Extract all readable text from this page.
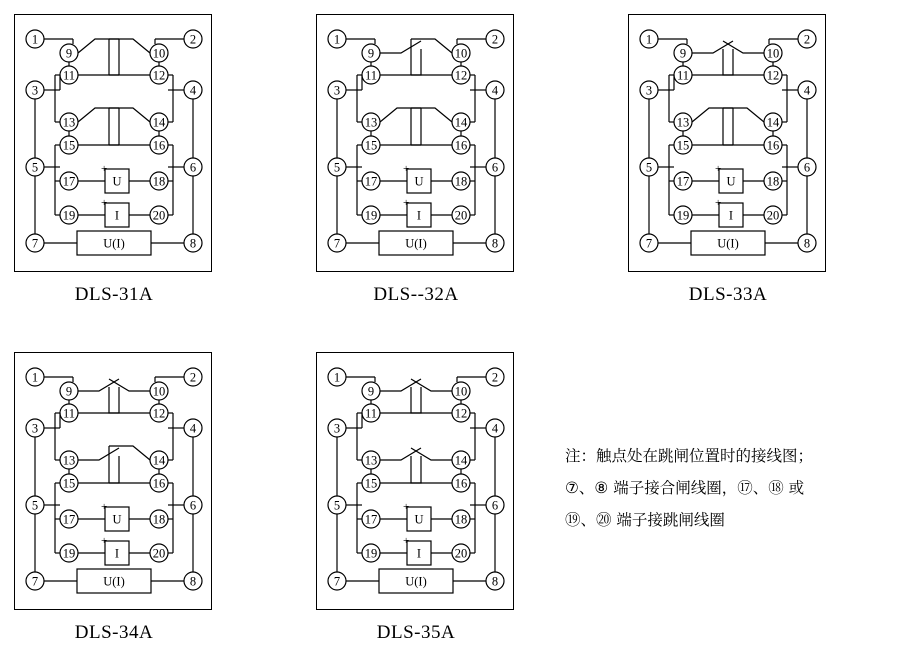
1
3
5
7
2
4
6
8
9
11
13
15
17
19
10
12
14
16
18
20
U
+
I
+
U(I)
DLS-31A
1
3
5
7
2
4
6
8
9
11
13
15
17
19
10
12
14
16
18
20
U
+
I
+
U(I)
DLS--32A
1
3
5
7
2
4
6
8
9
11
13
15
17
19
10
12
14
16
18
20
U
+
I
+
U(I)
DLS-33A
1
3
5
7
2
4
6
8
9
11
13
15
17
19
10
12
14
16
18
20
U
+
I
+
U(I)
DLS-34A
1
3
5
7
2
4
6
8
9
11
13
15
17
19
10
12
14
16
18
20
U
+
I
+
U(I)
DLS-35A
注：触点处在跳闸位置时的接线图；
⑦、⑧ 端子接合闸线圈，⑰、⑱ 或
⑲、⑳ 端子接跳闸线圈
